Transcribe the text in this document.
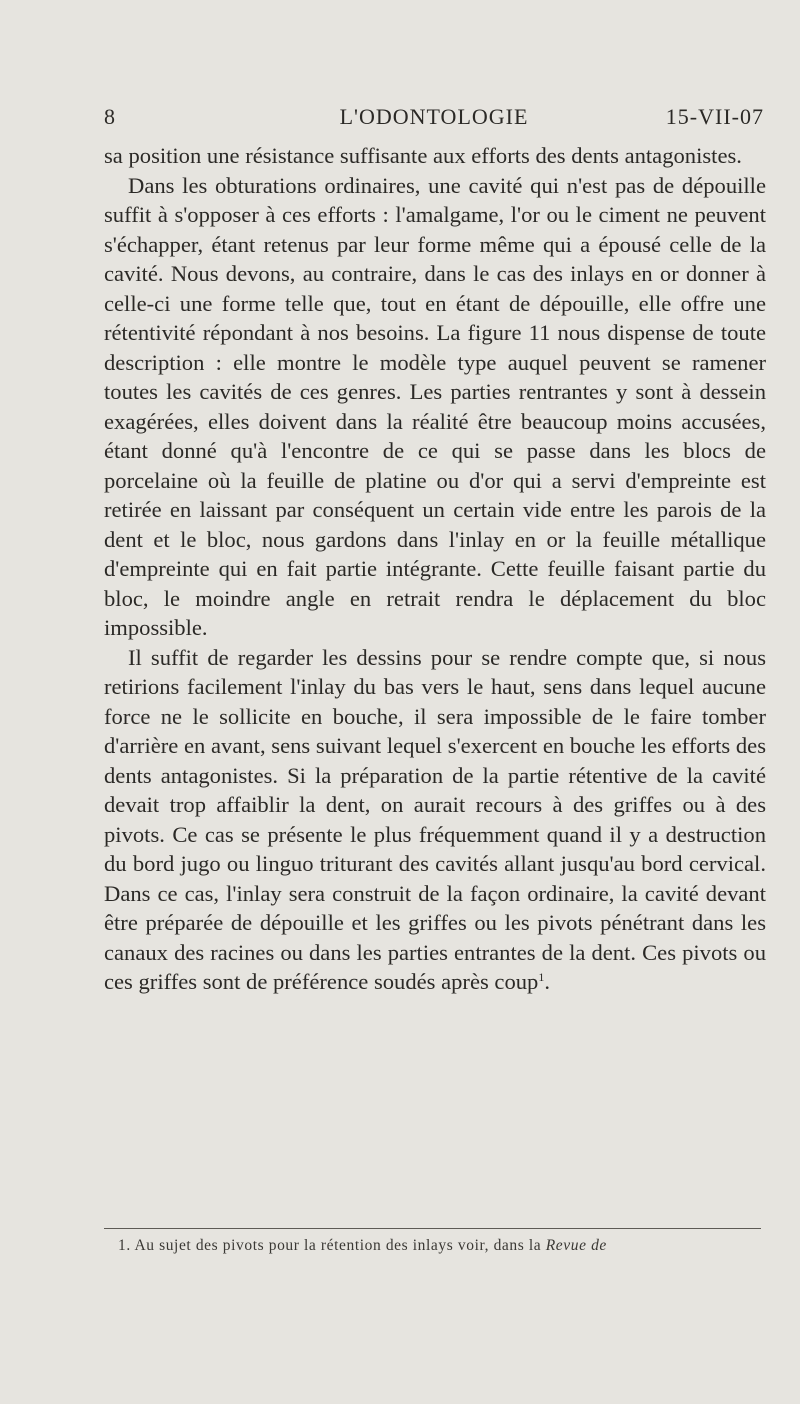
8	L'ODONTOLOGIE	15-VII-07

sa position une résistance suffisante aux efforts des dents antagonistes.

Dans les obturations ordinaires, une cavité qui n'est pas de dépouille suffit à s'opposer à ces efforts : l'amalgame, l'or ou le ciment ne peuvent s'échapper, étant retenus par leur forme même qui a épousé celle de la cavité. Nous devons, au contraire, dans le cas des inlays en or donner à celle-ci une forme telle que, tout en étant de dépouille, elle offre une rétentivité répondant à nos besoins. La figure 11 nous dispense de toute description : elle montre le modèle type auquel peuvent se ramener toutes les cavités de ces genres. Les parties rentrantes y sont à dessein exagérées, elles doivent dans la réalité être beaucoup moins accusées, étant donné qu'à l'encontre de ce qui se passe dans les blocs de porcelaine où la feuille de platine ou d'or qui a servi d'empreinte est retirée en laissant par conséquent un certain vide entre les parois de la dent et le bloc, nous gardons dans l'inlay en or la feuille métallique d'empreinte qui en fait partie intégrante. Cette feuille faisant partie du bloc, le moindre angle en retrait rendra le déplacement du bloc impossible.

Il suffit de regarder les dessins pour se rendre compte que, si nous retirions facilement l'inlay du bas vers le haut, sens dans lequel aucune force ne le sollicite en bouche, il sera impossible de le faire tomber d'arrière en avant, sens suivant lequel s'exercent en bouche les efforts des dents antagonistes. Si la préparation de la partie rétentive de la cavité devait trop affaiblir la dent, on aurait recours à des griffes ou à des pivots. Ce cas se présente le plus fréquemment quand il y a destruction du bord jugo ou linguo triturant des cavités allant jusqu'au bord cervical. Dans ce cas, l'inlay sera construit de la façon ordinaire, la cavité devant être préparée de dépouille et les griffes ou les pivots pénétrant dans les canaux des racines ou dans les parties entrantes de la dent. Ces pivots ou ces griffes sont de préférence soudés après coup$^1$.

1. Au sujet des pivots pour la rétention des inlays voir, dans la Revue de
